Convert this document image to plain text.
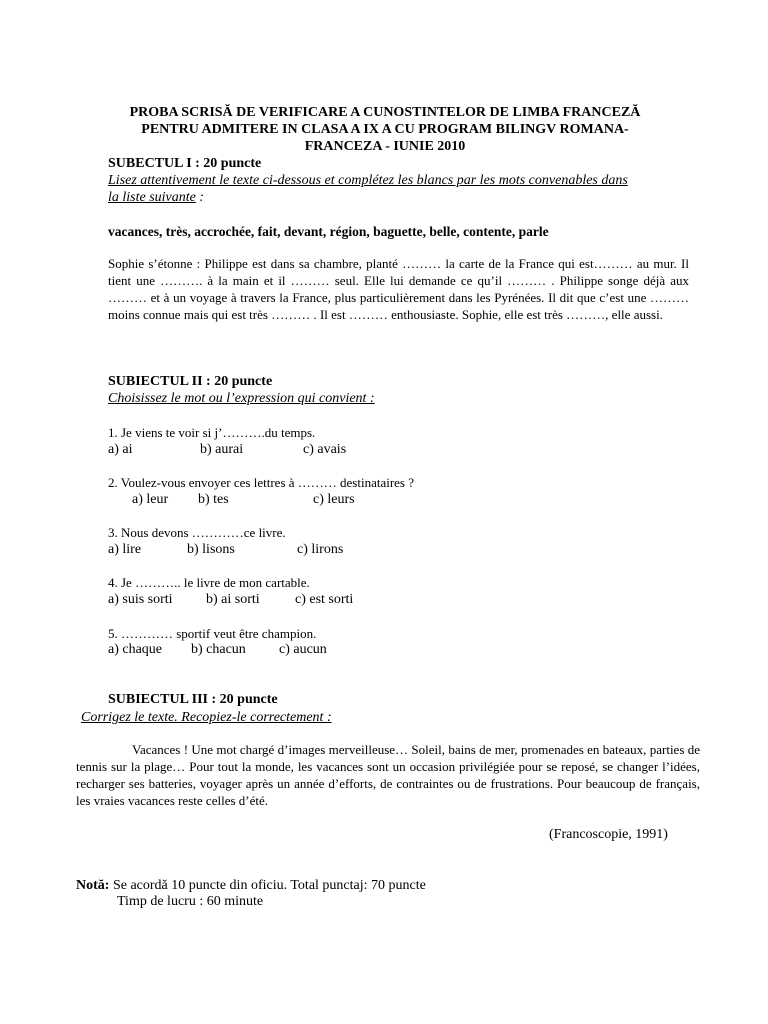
PROBA SCRISĂ DE VERIFICARE A CUNOSTINTELOR DE LIMBA FRANCEZĂ
PENTRU ADMITERE IN CLASA A IX A CU PROGRAM BILINGV ROMANA-
FRANCEZA - IUNIE 2010
SUBECTUL I : 20 puncte
Lisez attentivement le texte ci-dessous et complétez les blancs par les mots convenables dans
la liste suivante :
vacances, très, accrochée, fait, devant, région, baguette, belle, contente, parle
Sophie s’étonne : Philippe est dans sa chambre, planté ……… la carte de la France qui est……… au mur. Il tient une ………. à la main et il ……… seul. Elle lui demande ce qu’il ……… . Philippe songe déjà aux ……… et à un voyage à travers la France, plus particulièrement dans les Pyrénées. Il dit que c’est une ……… moins connue mais qui est très ……… . Il est ……… enthousiaste. Sophie, elle est très ………, elle aussi.
SUBIECTUL II : 20 puncte
Choisissez le mot ou l’expression qui convient :
1. Je viens te voir si j’……….du temps.
a) ai	b) aurai	c) avais
2. Voulez-vous envoyer ces lettres à ……… destinataires ?
a) leur b) tes	c) leurs
3. Nous devons …………ce livre.
a) lire	b) lisons	c) lirons
4. Je ……….. le livre de mon cartable.
a) suis sorti b) ai sorti	c) est sorti
5. ………… sportif veut être champion.
a) chaque b) chacun c) aucun
SUBIECTUL III : 20 puncte
Corrigez le texte. Recopiez-le correctement :
Vacances ! Une mot chargé d’images merveilleuse… Soleil, bains de mer, promenades en bateaux, parties de tennis sur la plage… Pour tout la monde, les vacances sont un occasion privilégiée pour se reposé, se changer l’idées, recharger ses batteries, voyager après un année d’efforts, de contraintes ou de frustrations. Pour beaucoup de français, les vraies vacances reste celles d’été.
(Francoscopie, 1991)
Notă: Se acordă 10 puncte din oficiu. Total punctaj: 70 puncte
Timp de lucru : 60 minute
